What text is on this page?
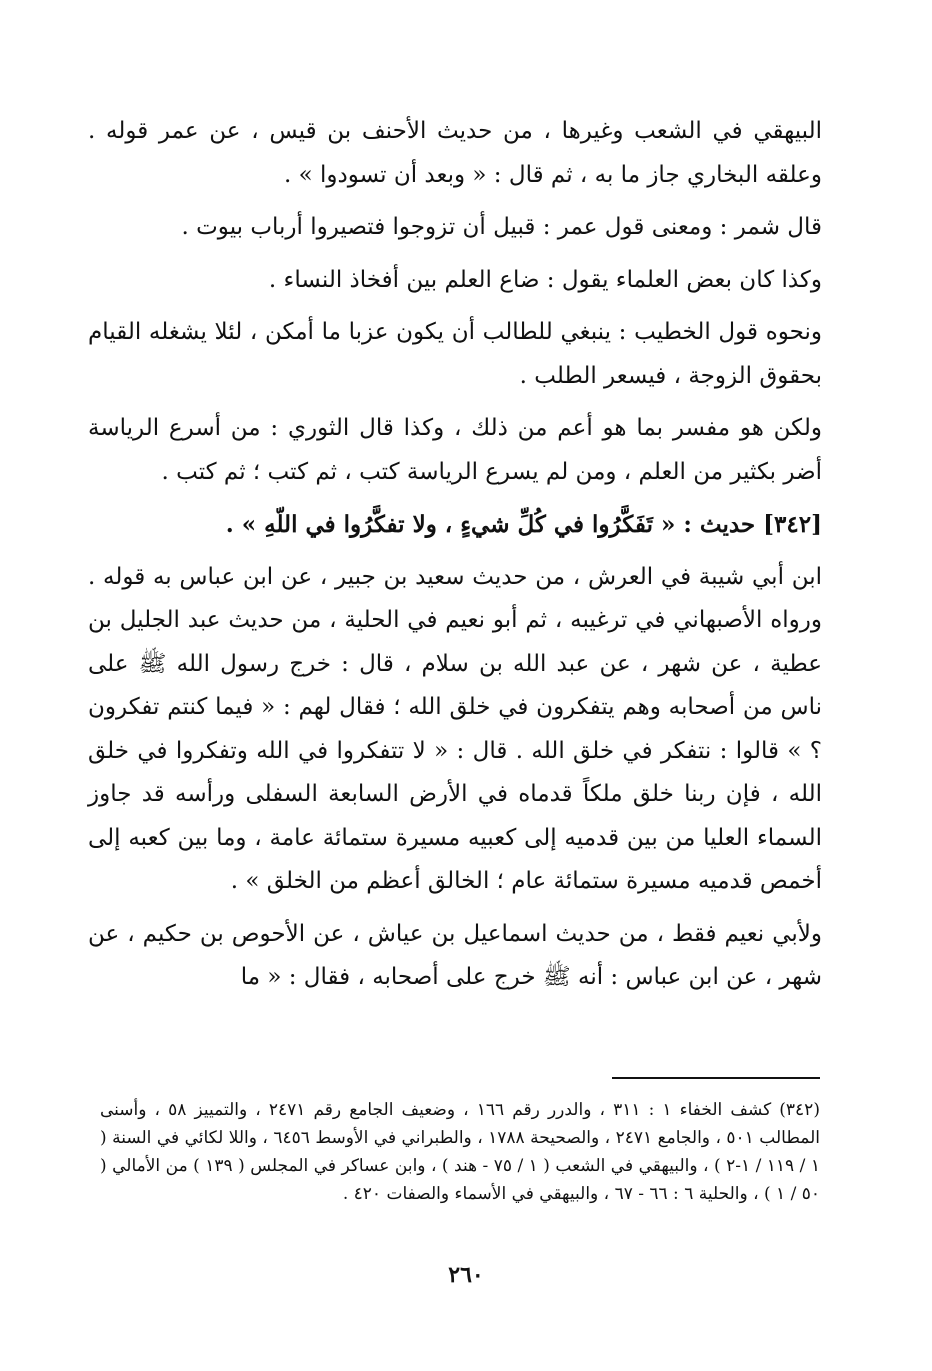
البيهقي في الشعب وغيرها ، من حديث الأحنف بن قيس ، عن عمر قوله . وعلقه البخاري جاز ما به ، ثم قال : « وبعد أن تسودوا » .

قال شمر : ومعنى قول عمر : قبيل أن تزوجوا فتصيروا أرباب بيوت .

وكذا كان بعض العلماء يقول : ضاع العلم بين أفخاذ النساء .

ونحوه قول الخطيب : ينبغي للطالب أن يكون عزبا ما أمكن ، لئلا يشغله القيام بحقوق الزوجة ، فيسعر الطلب .

ولكن هو مفسر بما هو أعم من ذلك ، وكذا قال الثوري : من أسرع الرياسة أضر بكثير من العلم ، ومن لم يسرع الرياسة كتب ، ثم كتب ؛ ثم كتب .

[٣٤٢] حديث : « تَفَكَّرُوا في كُلِّ شيءٍ ، ولا تفكَّرُوا في اللّهِ » .

ابن أبي شيبة في العرش ، من حديث سعيد بن جبير ، عن ابن عباس به قوله . ورواه الأصبهاني في ترغيبه ، ثم أبو نعيم في الحلية ، من حديث عبد الجليل بن عطية ، عن شهر ، عن عبد الله بن سلام ، قال : خرج رسول الله ﷺ على ناس من أصحابه وهم يتفكرون في خلق الله ؛ فقال لهم : « فيما كنتم تفكرون ؟ » قالوا : نتفكر في خلق الله . قال : « لا تتفكروا في الله وتفكروا في خلق الله ، فإن ربنا خلق ملكاً قدماه في الأرض السابعة السفلى ورأسه قد جاوز السماء العليا من بين قدميه إلى كعبيه مسيرة ستمائة عامة ، وما بين كعبه إلى أخمص قدميه مسيرة ستمائة عام ؛ الخالق أعظم من الخلق » .

ولأبي نعيم فقط ، من حديث اسماعيل بن عياش ، عن الأحوص بن حكيم ، عن شهر ، عن ابن عباس : أنه ﷺ خرج على أصحابه ، فقال : « ما

(٣٤٢) كشف الخفاء ١ : ٣١١ ، والدرر رقم ١٦٦ ، وضعيف الجامع رقم ٢٤٧١ ، والتمييز ٥٨ ، وأسنى المطالب ٥٠١ ، والجامع ٢٤٧١ ، والصحيحة ١٧٨٨ ، والطبراني في الأوسط ٦٤٥٦ ، واللا لكائي في السنة ( ١ / ١١٩ / ١-٢ ) ، والبيهقي في الشعب ( ١ / ٧٥ - هند ) ، وابن عساكر في المجلس ( ١٣٩ ) من الأمالي ( ٥٠ / ١ ) ، والحلية ٦ : ٦٦ - ٦٧ ، والبيهقي في الأسماء والصفات ٤٢٠ .

٢٦٠
